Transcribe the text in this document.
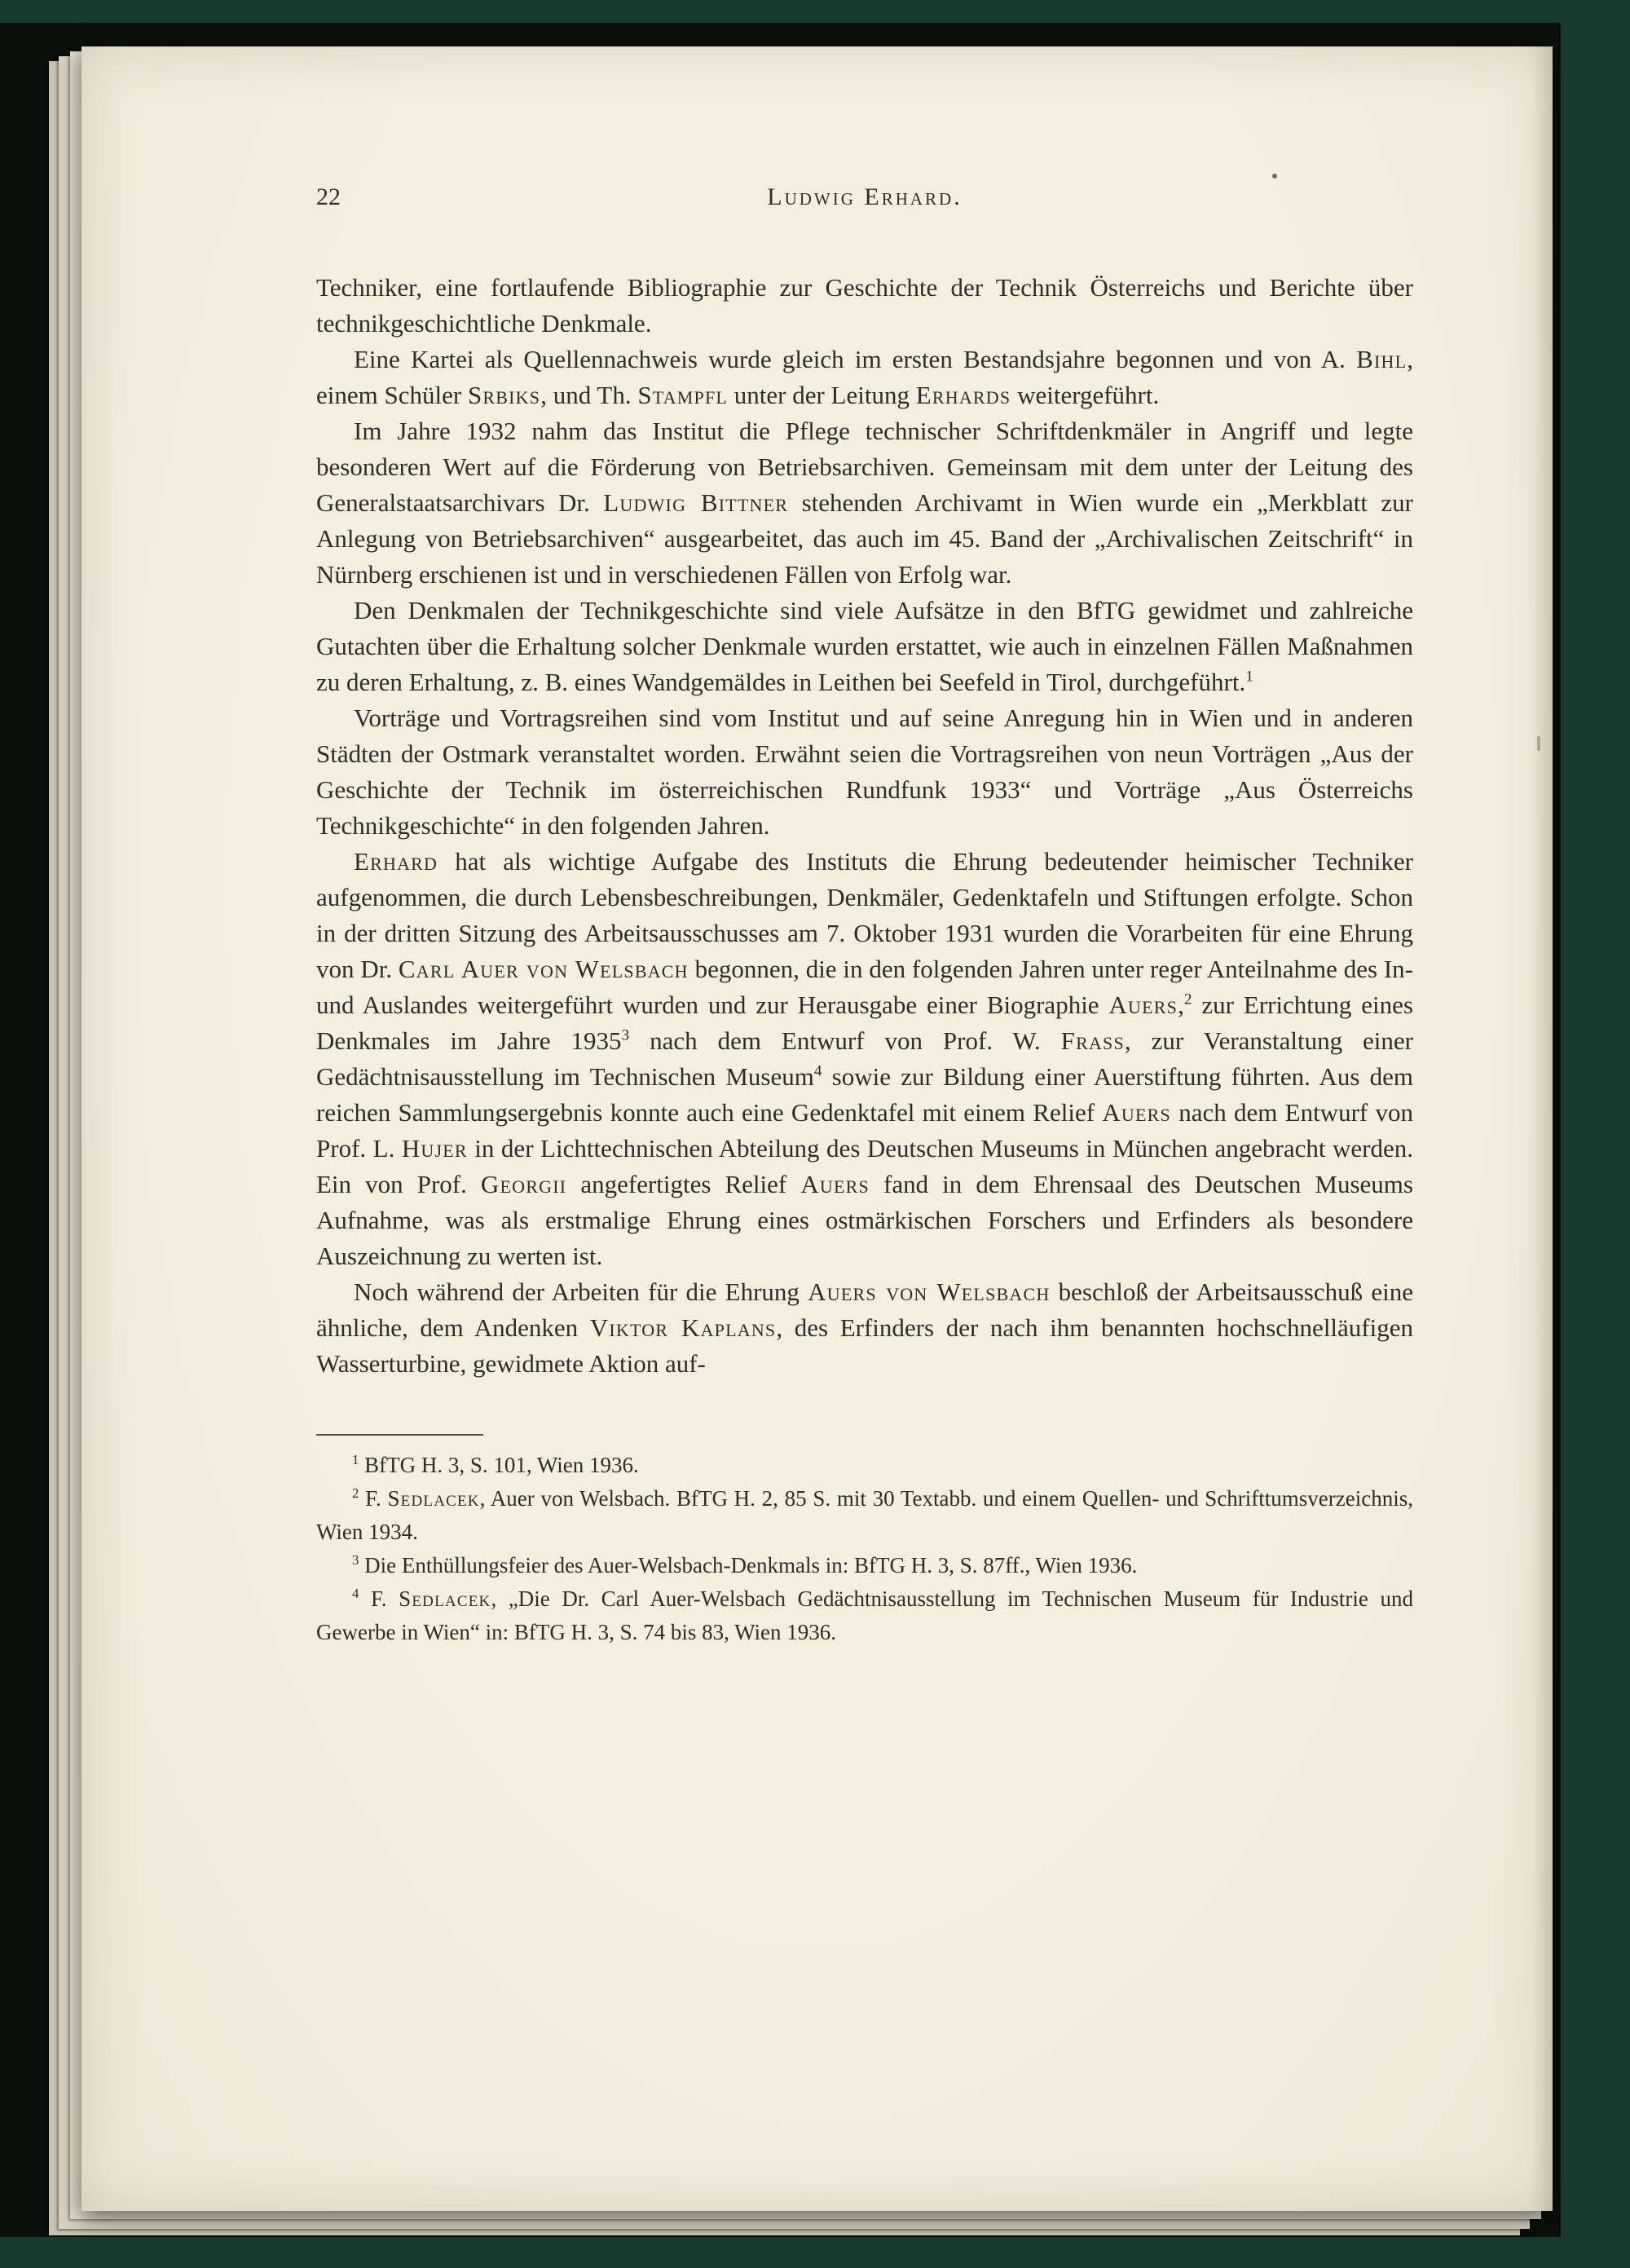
22	Ludwig Erhard.

Techniker, eine fortlaufende Bibliographie zur Geschichte der Technik Österreichs und Berichte über technikgeschichtliche Denkmale.

Eine Kartei als Quellennachweis wurde gleich im ersten Bestandsjahre begonnen und von A. Bihl, einem Schüler Srbiks, und Th. Stampfl unter der Leitung Erhards weitergeführt.

Im Jahre 1932 nahm das Institut die Pflege technischer Schriftdenkmäler in Angriff und legte besonderen Wert auf die Förderung von Betriebsarchiven. Gemeinsam mit dem unter der Leitung des Generalstaatsarchivars Dr. Ludwig Bittner stehenden Archivamt in Wien wurde ein „Merkblatt zur Anlegung von Betriebsarchiven“ ausgearbeitet, das auch im 45. Band der „Archivalischen Zeitschrift“ in Nürnberg erschienen ist und in verschiedenen Fällen von Erfolg war.

Den Denkmalen der Technikgeschichte sind viele Aufsätze in den BfTG gewidmet und zahlreiche Gutachten über die Erhaltung solcher Denkmale wurden erstattet, wie auch in einzelnen Fällen Maßnahmen zu deren Erhaltung, z. B. eines Wandgemäldes in Leithen bei Seefeld in Tirol, durchgeführt.$^1$

Vorträge und Vortragsreihen sind vom Institut und auf seine Anregung hin in Wien und in anderen Städten der Ostmark veranstaltet worden. Erwähnt seien die Vortragsreihen von neun Vorträgen „Aus der Geschichte der Technik im österreichischen Rundfunk 1933“ und Vorträge „Aus Österreichs Technikgeschichte“ in den folgenden Jahren.

Erhard hat als wichtige Aufgabe des Instituts die Ehrung bedeutender heimischer Techniker aufgenommen, die durch Lebensbeschreibungen, Denkmäler, Gedenktafeln und Stiftungen erfolgte. Schon in der dritten Sitzung des Arbeitsausschusses am 7. Oktober 1931 wurden die Vorarbeiten für eine Ehrung von Dr. Carl Auer von Welsbach begonnen, die in den folgenden Jahren unter reger Anteilnahme des In- und Auslandes weitergeführt wurden und zur Herausgabe einer Biographie Auers,$^2$ zur Errichtung eines Denkmales im Jahre 1935$^3$ nach dem Entwurf von Prof. W. Frass, zur Veranstaltung einer Gedächtnisausstellung im Technischen Museum$^4$ sowie zur Bildung einer Auerstiftung führten. Aus dem reichen Sammlungsergebnis konnte auch eine Gedenktafel mit einem Relief Auers nach dem Entwurf von Prof. L. Hujer in der Lichttechnischen Abteilung des Deutschen Museums in München angebracht werden. Ein von Prof. Georgii angefertigtes Relief Auers fand in dem Ehrensaal des Deutschen Museums Aufnahme, was als erstmalige Ehrung eines ostmärkischen Forschers und Erfinders als besondere Auszeichnung zu werten ist.

Noch während der Arbeiten für die Ehrung Auers von Welsbach beschloß der Arbeitsausschuß eine ähnliche, dem Andenken Viktor Kaplans, des Erfinders der nach ihm benannten hochschnelläufigen Wasserturbine, gewidmete Aktion auf-

$^1$ BfTG H. 3, S. 101, Wien 1936.

$^2$ F. Sedlacek, Auer von Welsbach. BfTG H. 2, 85 S. mit 30 Textabb. und einem Quellen- und Schrifttumsverzeichnis, Wien 1934.

$^3$ Die Enthüllungsfeier des Auer-Welsbach-Denkmals in: BfTG H. 3, S. 87ff., Wien 1936.

$^4$ F. Sedlacek, „Die Dr. Carl Auer-Welsbach Gedächtnisausstellung im Technischen Museum für Industrie und Gewerbe in Wien“ in: BfTG H. 3, S. 74 bis 83, Wien 1936.
